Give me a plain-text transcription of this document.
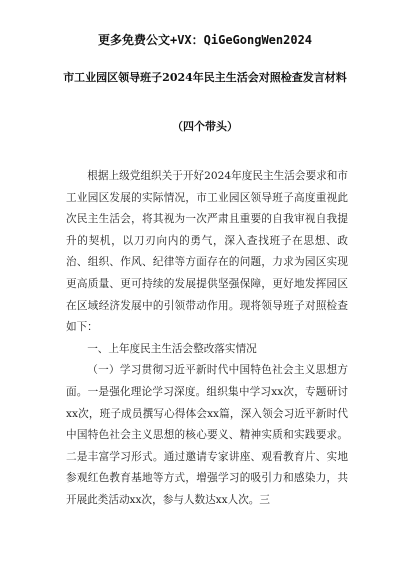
更多免费公文+VX：QiGeGongWen2024
市工业园区领导班子2024年民主生活会对照检查发言材料
（四个带头）

根据上级党组织关于开好2024年度民主生活会要求和市工业园区发展的实际情况，市工业园区领导班子高度重视此次民主生活会，将其视为一次严肃且重要的自我审视自我提升的契机，以刀刃向内的勇气，深入查找班子在思想、政治、组织、作风、纪律等方面存在的问题，力求为园区实现更高质量、更可持续的发展提供坚强保障，更好地发挥园区在区域经济发展中的引领带动作用。现将领导班子对照检查如下：

一、上年度民主生活会整改落实情况

（一）学习贯彻习近平新时代中国特色社会主义思想方面。一是强化理论学习深度。组织集中学习xx次，专题研讨xx次，班子成员撰写心得体会xx篇，深入领会习近平新时代中国特色社会主义思想的核心要义、精神实质和实践要求。二是丰富学习形式。通过邀请专家讲座、观看教育片、实地参观红色教育基地等方式，增强学习的吸引力和感染力，共开展此类活动xx次，参与人数达xx人次。三
